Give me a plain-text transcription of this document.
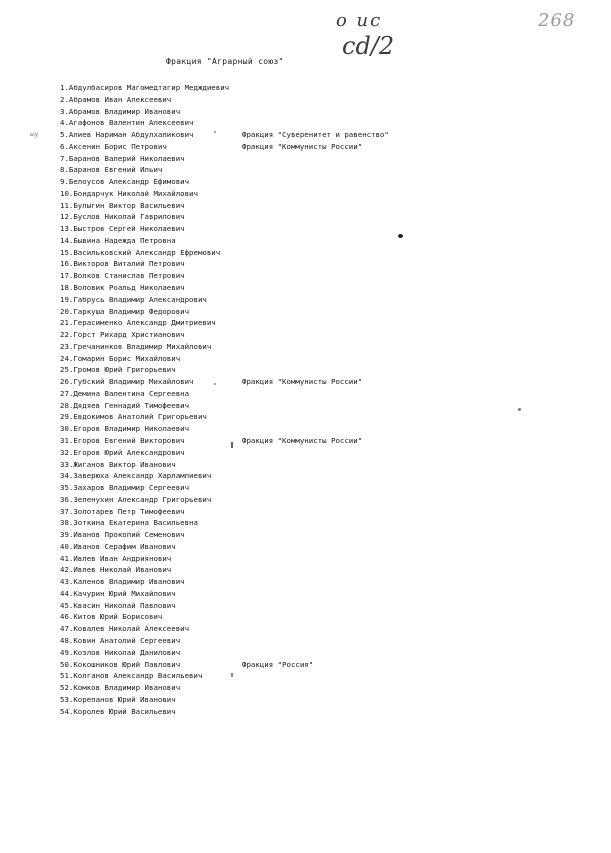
о ис
cd/2
268
Фракция "Аграрный союз"
ыу
1.Абдулбасиров Магомедтагир Медждиевич
2.Абрамов Иван Алексеевич
3.Абрамов Владимир Иванович
4.Агафонов Валентин Алексеевич
5.Алиев Нариман Абдулхаликович	Фракция "Суверенитет и равенство"
6.Аксенин Борис Петрович	Фракция "Коммунисты России"
7.Баранов Валерий Николаевич
8.Баранов Евгений Ильич
9.Белоусов Александр Ефимович
10.Бондарчук Николай Михайлович
11.Булыгин Виктор Васильевич
12.Буслов Николай Гаврилович
13.Быстров Сергей Николаевич
14.Бывина Надежда Петровна
15.Васильковский Александр Ефремович
16.Викторов Виталий Петрович
17.Волков Станислав Петрович
18.Воловик Роальд Николаевич
19.Габрусь Владимир Александрович
20.Гаркуша Владимир Федорович
21.Герасименко Александр Дмитриевич
22.Горст Рихард Христианович
23.Гречанинков Владимир Михайлович
24.Гомарин Борис Михайлович
25.Громов Юрий Григорьевич
26.Губский Владимир Михайлович	Фракция "Коммунисты России"
27.Демина Валентина Сергеевна
28.Дядяев Геннадий Тимофеевич
29.Евдокимов Анатолий Григорьевич
30.Егоров Владимир Николаевич
31.Егоров Евгений Викторович	Фракция "Коммунисты России"
32.Егоров Юрий Александрович
33.Жиганов Виктор Иванович
34.Заверюха Александр Харлампиевич
35.Захаров Владимир Сергеевич
36.Зеленухин Александр Григорьевич
37.Золотарев Петр Тимофеевич
38.Зоткина Екатерина Васильевна
39.Иванов Прокопий Семенович
40.Иванов Серафим Иванович
41.Ивлев Иван Андриянович
42.Ивлев Николай Иванович
43.Каленов Владимир Иванович
44.Качурин Юрий Михайлович
45.Квасин Николай Павлович
46.Китов Юрий Борисович
47.Ковалев Николай Алексеевич
48.Ковин Анатолий Сергеевич
49.Козлов Николай Данилович
50.Кокошников Юрий Павлович	Фракция "Россия"
51.Колганов Александр Васильевич
52.Комков Владимир Иванович
53.Корепанов Юрий Иванович
54.Королев Юрий Васильевич
